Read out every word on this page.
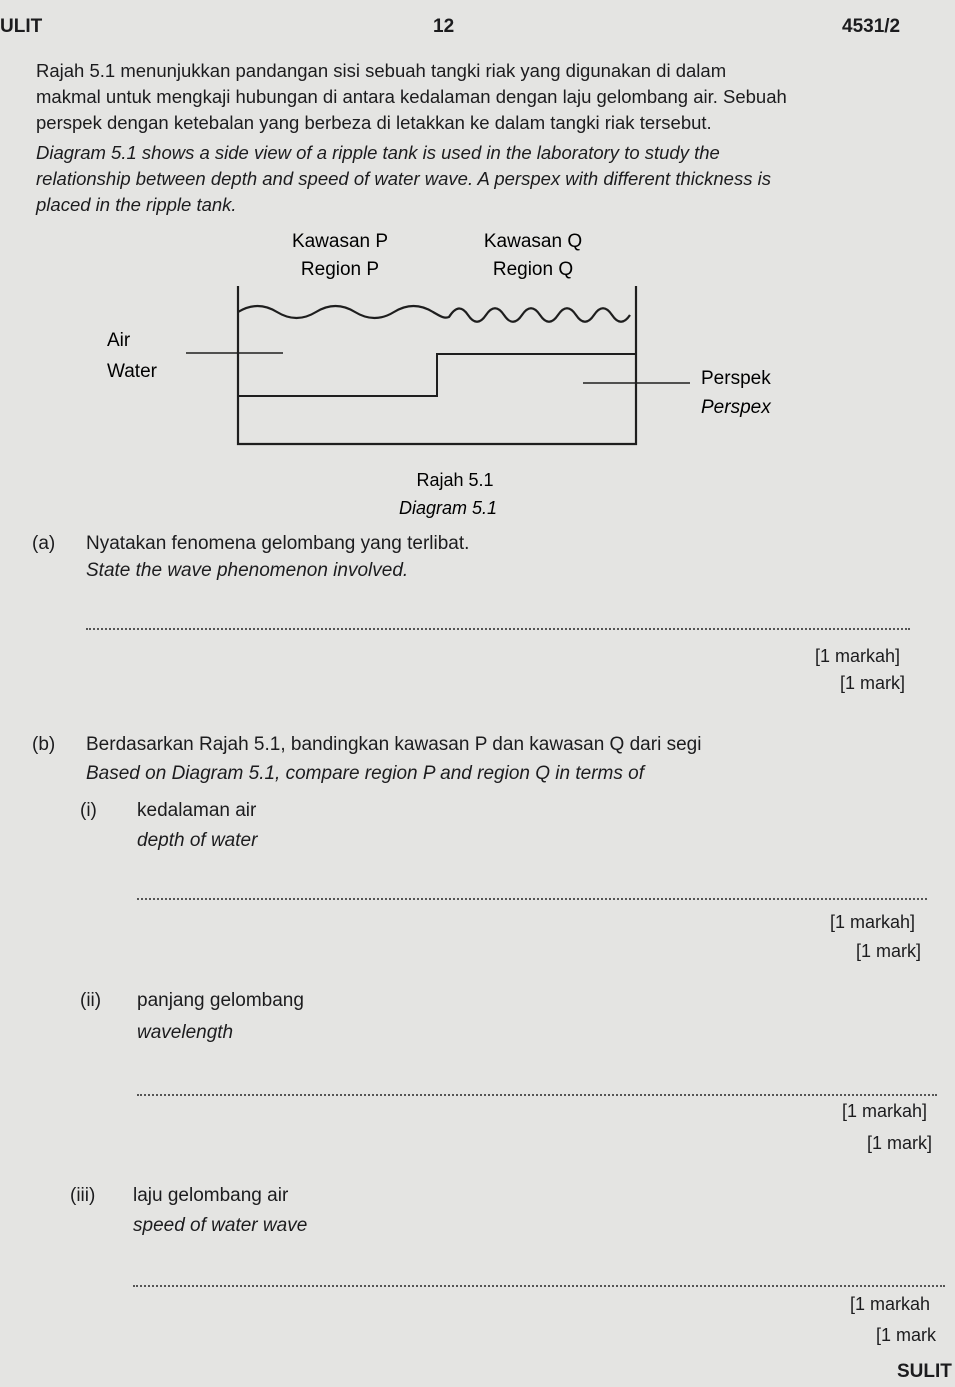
ULIT	12	4531/2
Rajah 5.1 menunjukkan pandangan sisi sebuah tangki riak yang digunakan di dalam
makmal untuk mengkaji hubungan di antara kedalaman dengan laju gelombang air. Sebuah
perspek dengan ketebalan yang berbeza di letakkan ke dalam tangki riak tersebut.
Diagram 5.1 shows a side view of a ripple tank is used in the laboratory to study the
relationship between depth and speed of water wave. A perspex with different thickness is
placed in the ripple tank.
Kawasan P	Kawasan Q
Region P	Region Q
Air
Water	Perspek
Perspex
Rajah 5.1
Diagram 5.1
(a) Nyatakan fenomena gelombang yang terlibat.
State the wave phenomenon involved.
[1 markah]
[1 mark]
(b) Berdasarkan Rajah 5.1, bandingkan kawasan P dan kawasan Q dari segi
Based on Diagram 5.1, compare region P and region Q in terms of
(i) kedalaman air
depth of water
[1 markah]
[1 mark]
(ii) panjang gelombang
wavelength
[1 markah]
[1 mark]
(iii) laju gelombang air
speed of water wave
[1 markah
[1 mark
SULIT
